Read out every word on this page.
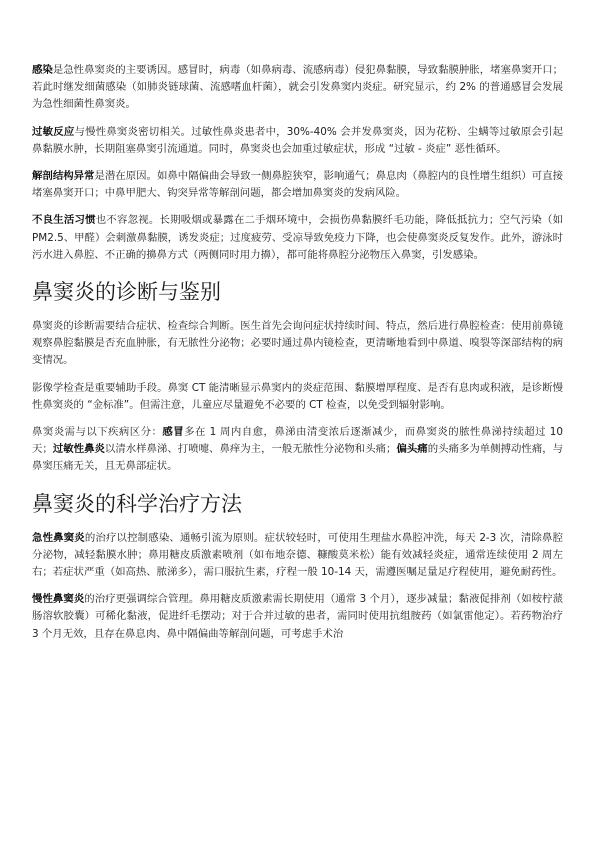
感染是急性鼻窦炎的主要诱因。感冒时，病毒（如鼻病毒、流感病毒）侵犯鼻黏膜，导致黏膜肿胀，堵塞鼻窦开口；若此时继发细菌感染（如肺炎链球菌、流感嗜血杆菌），就会引发鼻窦内炎症。研究显示，约 2% 的普通感冒会发展为急性细菌性鼻窦炎。

过敏反应与慢性鼻窦炎密切相关。过敏性鼻炎患者中，30%-40% 会并发鼻窦炎，因为花粉、尘螨等过敏原会引起鼻黏膜水肿，长期阻塞鼻窦引流通道。同时，鼻窦炎也会加重过敏症状，形成 “过敏 - 炎症” 恶性循环。

解剖结构异常是潜在原因。如鼻中隔偏曲会导致一侧鼻腔狭窄，影响通气；鼻息肉（鼻腔内的良性增生组织）可直接堵塞鼻窦开口；中鼻甲肥大、钩突异常等解剖问题，都会增加鼻窦炎的发病风险。

不良生活习惯也不容忽视。长期吸烟或暴露在二手烟环境中，会损伤鼻黏膜纤毛功能，降低抵抗力；空气污染（如 PM2.5、甲醛）会刺激鼻黏膜，诱发炎症；过度疲劳、受凉导致免疫力下降，也会使鼻窦炎反复发作。此外，游泳时污水进入鼻腔、不正确的擤鼻方式（两侧同时用力擤），都可能将鼻腔分泌物压入鼻窦，引发感染。

鼻窦炎的诊断与鉴别

鼻窦炎的诊断需要结合症状、检查综合判断。医生首先会询问症状持续时间、特点，然后进行鼻腔检查：使用前鼻镜观察鼻腔黏膜是否充血肿胀，有无脓性分泌物；必要时通过鼻内镜检查，更清晰地看到中鼻道、嗅裂等深部结构的病变情况。

影像学检查是重要辅助手段。鼻窦 CT 能清晰显示鼻窦内的炎症范围、黏膜增厚程度、是否有息肉或积液，是诊断慢性鼻窦炎的 “金标准”。但需注意，儿童应尽量避免不必要的 CT 检查，以免受到辐射影响。

鼻窦炎需与以下疾病区分：感冒多在 1 周内自愈，鼻涕由清变浓后逐渐减少，而鼻窦炎的脓性鼻涕持续超过 10 天；过敏性鼻炎以清水样鼻涕、打喷嚏、鼻痒为主，一般无脓性分泌物和头痛；偏头痛的头痛多为单侧搏动性痛，与鼻窦压痛无关，且无鼻部症状。

鼻窦炎的科学治疗方法

急性鼻窦炎的治疗以控制感染、通畅引流为原则。症状较轻时，可使用生理盐水鼻腔冲洗，每天 2-3 次，清除鼻腔分泌物，减轻黏膜水肿；鼻用糖皮质激素喷剂（如布地奈德、糠酸莫米松）能有效减轻炎症，通常连续使用 2 周左右；若症状严重（如高热、脓涕多），需口服抗生素，疗程一般 10-14 天，需遵医嘱足量足疗程使用，避免耐药性。

慢性鼻窦炎的治疗更强调综合管理。鼻用糖皮质激素需长期使用（通常 3 个月），逐步减量；黏液促排剂（如桉柠蒎肠溶软胶囊）可稀化黏液，促进纤毛摆动；对于合并过敏的患者，需同时使用抗组胺药（如氯雷他定）。若药物治疗 3 个月无效，且存在鼻息肉、鼻中隔偏曲等解剖问题，可考虑手术治
